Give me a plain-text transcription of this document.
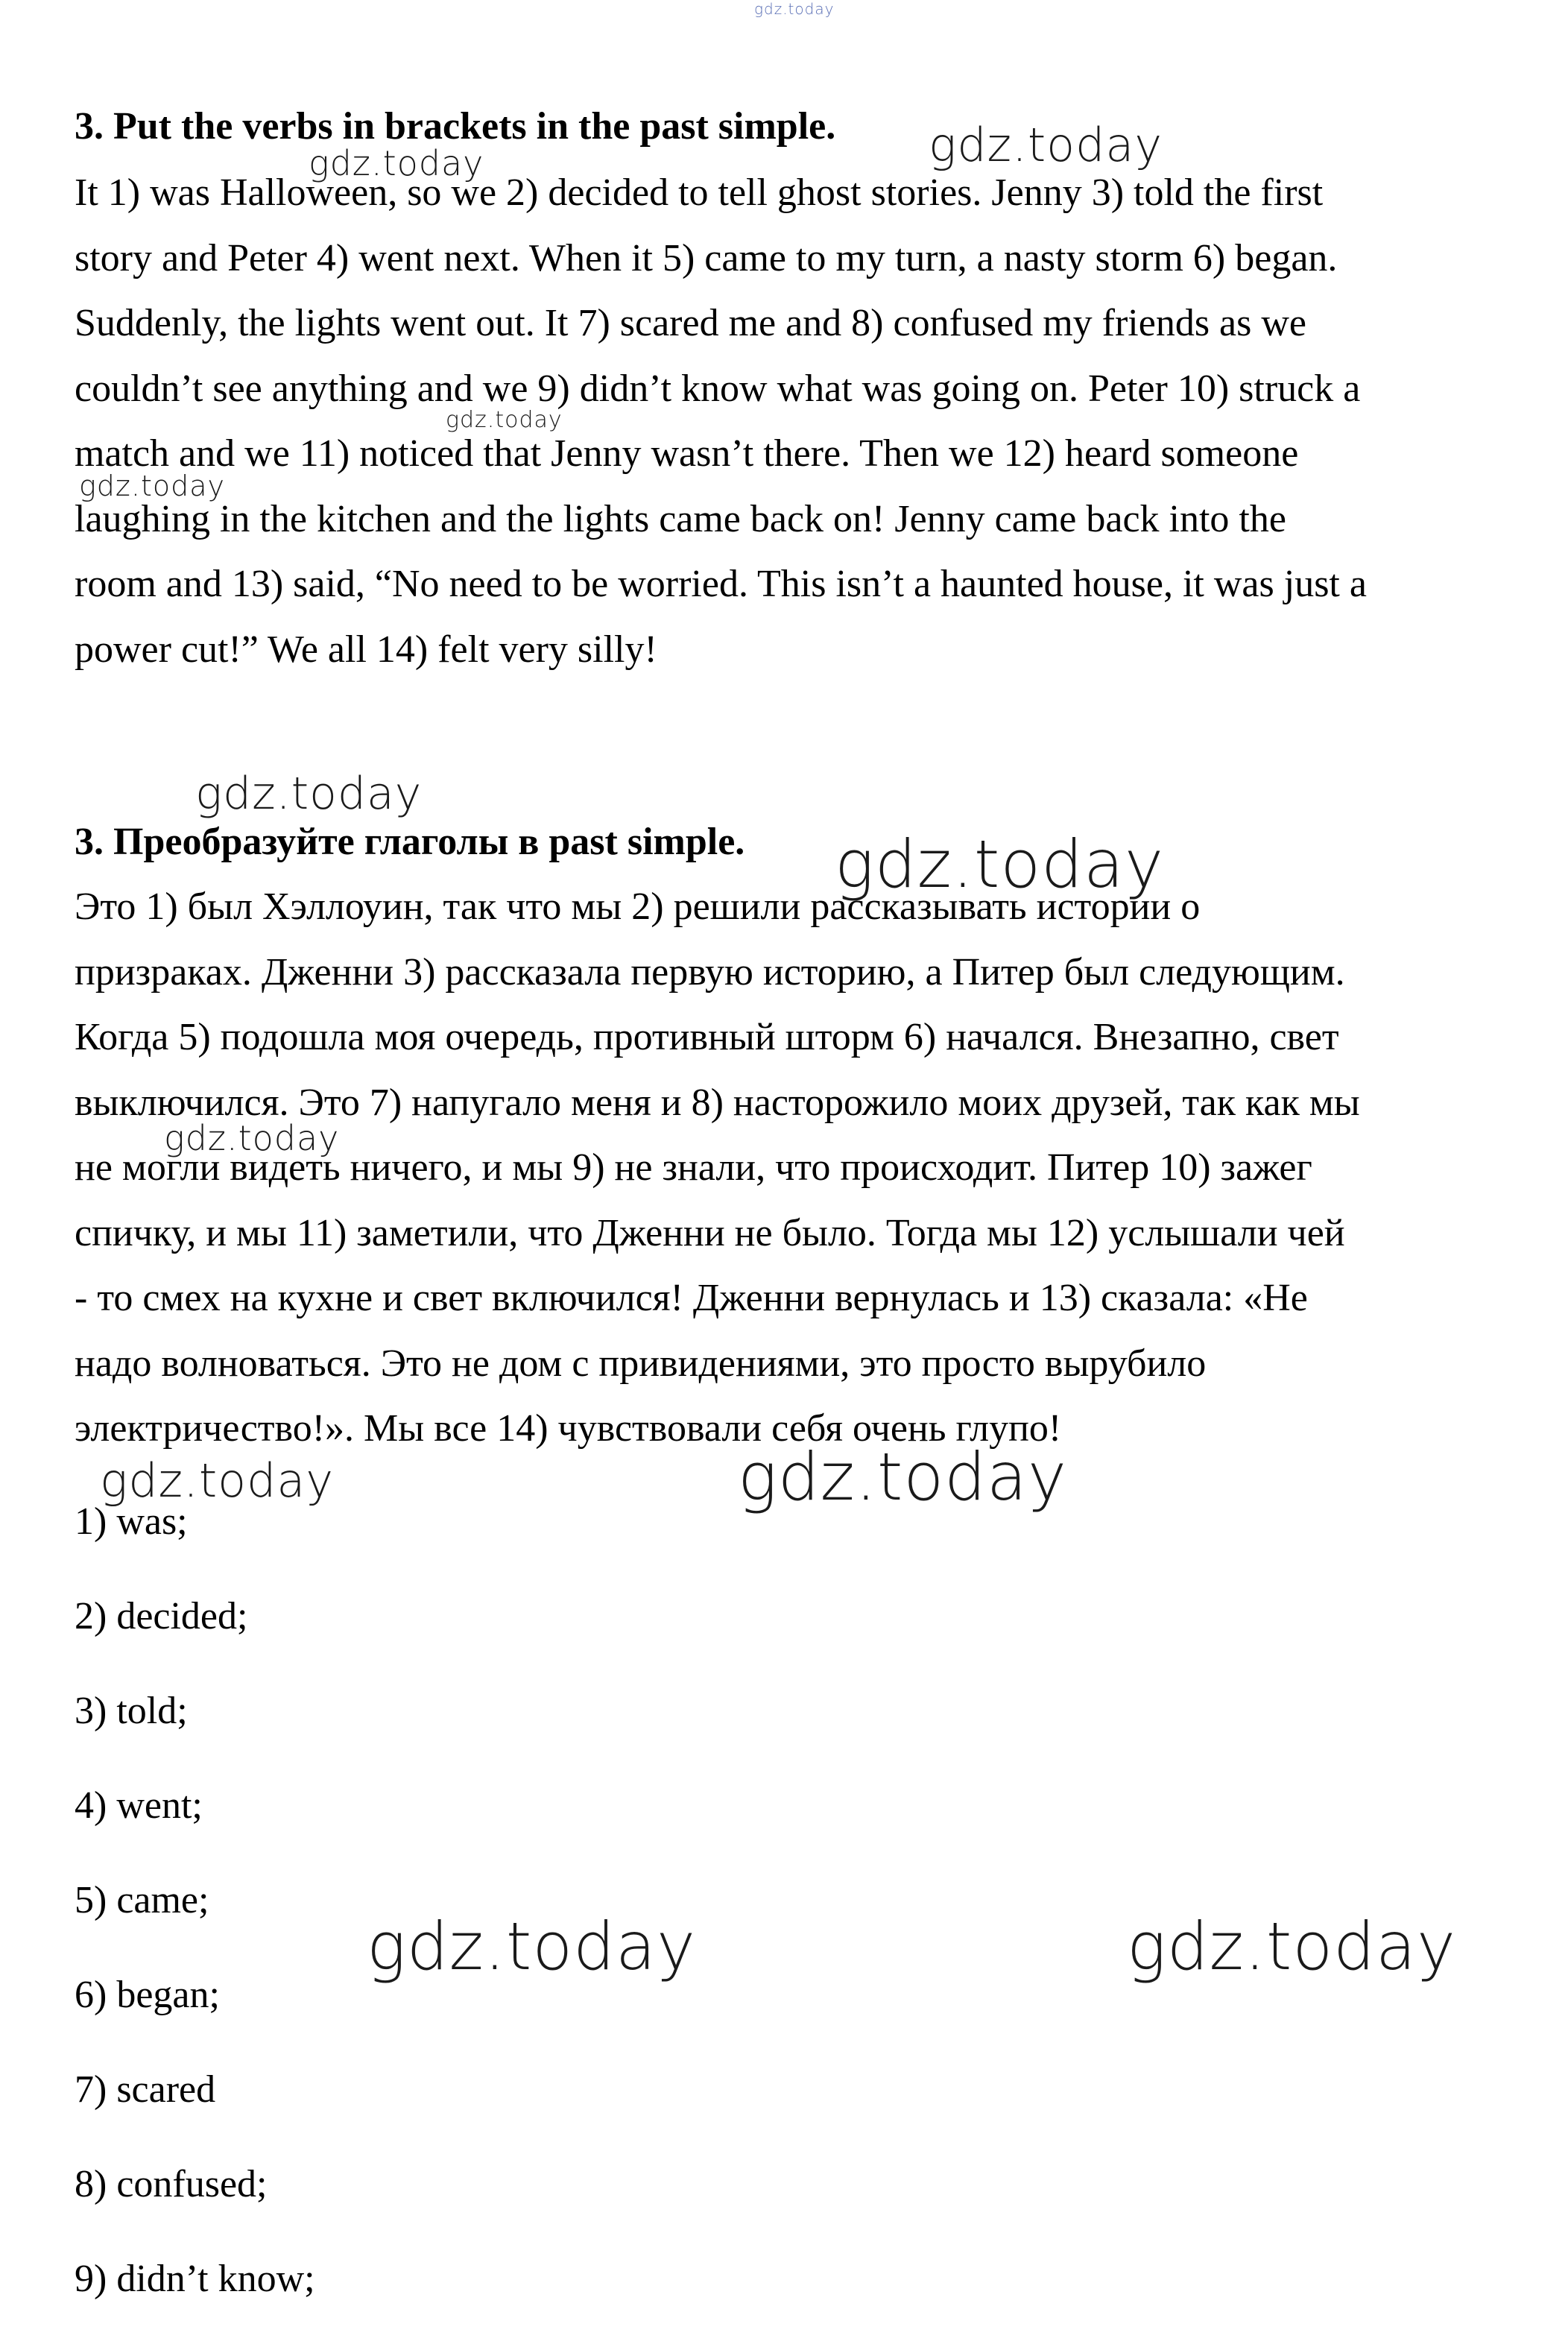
3. Put the verbs in brackets in the past simple.

It 1) was Halloween, so we 2) decided to tell ghost stories. Jenny 3) told the first
story and Peter 4) went next. When it 5) came to my turn, a nasty storm 6) began.
Suddenly, the lights went out. It 7) scared me and 8) confused my friends as we
couldn’t see anything and we 9) didn’t know what was going on. Peter 10) struck a
match and we 11) noticed that Jenny wasn’t there. Then we 12) heard someone
laughing in the kitchen and the lights came back on! Jenny came back into the
room and 13) said, “No need to be worried. This isn’t a haunted house, it was just a
power cut!” We all 14) felt very silly!

3. Преобразуйте глаголы в past simple.

Это 1) был Хэллоуин, так что мы 2) решили рассказывать истории о
призраках. Дженни 3) рассказала первую историю, а Питер был следующим.
Когда 5) подошла моя очередь, противный шторм 6) начался. Внезапно, свет
выключился. Это 7) напугало меня и 8) насторожило моих друзей, так как мы
не могли видеть ничего, и мы 9) не знали, что происходит. Питер 10) зажег
спичку, и мы 11) заметили, что Дженни не было. Тогда мы 12) услышали чей
- то смех на кухне и свет включился! Дженни вернулась и 13) сказала: «Не
надо волноваться. Это не дом с привидениями, это просто вырубило
электричество!». Мы все 14) чувствовали себя очень глупо!

1) was;
2) decided;
3) told;
4) went;
5) came;
6) began;
7) scared
8) confused;
9) didn’t know;
gdz.today
gdz.today
gdz.today
gdz.today
gdz.today
gdz.today
gdz.today
gdz.today
gdz.today	gdz.today
gdz.today	gdz.today
